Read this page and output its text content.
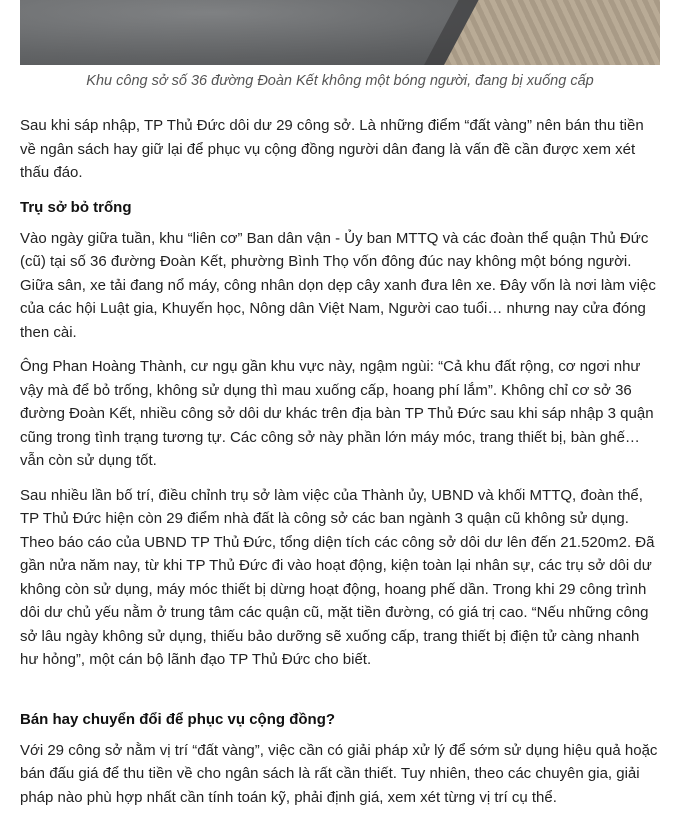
Khu công sở số 36 đường Đoàn Kết không một bóng người, đang bị xuống cấp

Sau khi sáp nhập, TP Thủ Đức dôi dư 29 công sở. Là những điểm “đất vàng” nên bán thu tiền về ngân sách hay giữ lại để phục vụ cộng đồng người dân đang là vấn đề cần được xem xét thấu đáo.

Trụ sở bỏ trống

Vào ngày giữa tuần, khu “liên cơ” Ban dân vận - Ủy ban MTTQ và các đoàn thể quận Thủ Đức (cũ) tại số 36 đường Đoàn Kết, phường Bình Thọ vốn đông đúc nay không một bóng người. Giữa sân, xe tải đang nổ máy, công nhân dọn dẹp cây xanh đưa lên xe. Đây vốn là nơi làm việc của các hội Luật gia, Khuyến học, Nông dân Việt Nam, Người cao tuổi… nhưng nay cửa đóng then cài.

Ông Phan Hoàng Thành, cư ngụ gần khu vực này, ngậm ngùi: “Cả khu đất rộng, cơ ngơi như vậy mà để bỏ trống, không sử dụng thì mau xuống cấp, hoang phí lắm”. Không chỉ cơ sở 36 đường Đoàn Kết, nhiều công sở dôi dư khác trên địa bàn TP Thủ Đức sau khi sáp nhập 3 quận cũng trong tình trạng tương tự. Các công sở này phần lớn máy móc, trang thiết bị, bàn ghế… vẫn còn sử dụng tốt.

Sau nhiều lần bố trí, điều chỉnh trụ sở làm việc của Thành ủy, UBND và khối MTTQ, đoàn thể, TP Thủ Đức hiện còn 29 điểm nhà đất là công sở các ban ngành 3 quận cũ không sử dụng. Theo báo cáo của UBND TP Thủ Đức, tổng diện tích các công sở dôi dư lên đến 21.520m2. Đã gần nửa năm nay, từ khi TP Thủ Đức đi vào hoạt động, kiện toàn lại nhân sự, các trụ sở dôi dư không còn sử dụng, máy móc thiết bị dừng hoạt động, hoang phế dần. Trong khi 29 công trình dôi dư chủ yếu nằm ở trung tâm các quận cũ, mặt tiền đường, có giá trị cao. “Nếu những công sở lâu ngày không sử dụng, thiếu bảo dưỡng sẽ xuống cấp, trang thiết bị điện tử càng nhanh hư hỏng”, một cán bộ lãnh đạo TP Thủ Đức cho biết.

Bán hay chuyển đổi để phục vụ cộng đồng?

Với 29 công sở nằm vị trí “đất vàng”, việc cần có giải pháp xử lý để sớm sử dụng hiệu quả hoặc bán đấu giá để thu tiền về cho ngân sách là rất cần thiết. Tuy nhiên, theo các chuyên gia, giải pháp nào phù hợp nhất cần tính toán kỹ, phải định giá, xem xét từng vị trí cụ thể.
